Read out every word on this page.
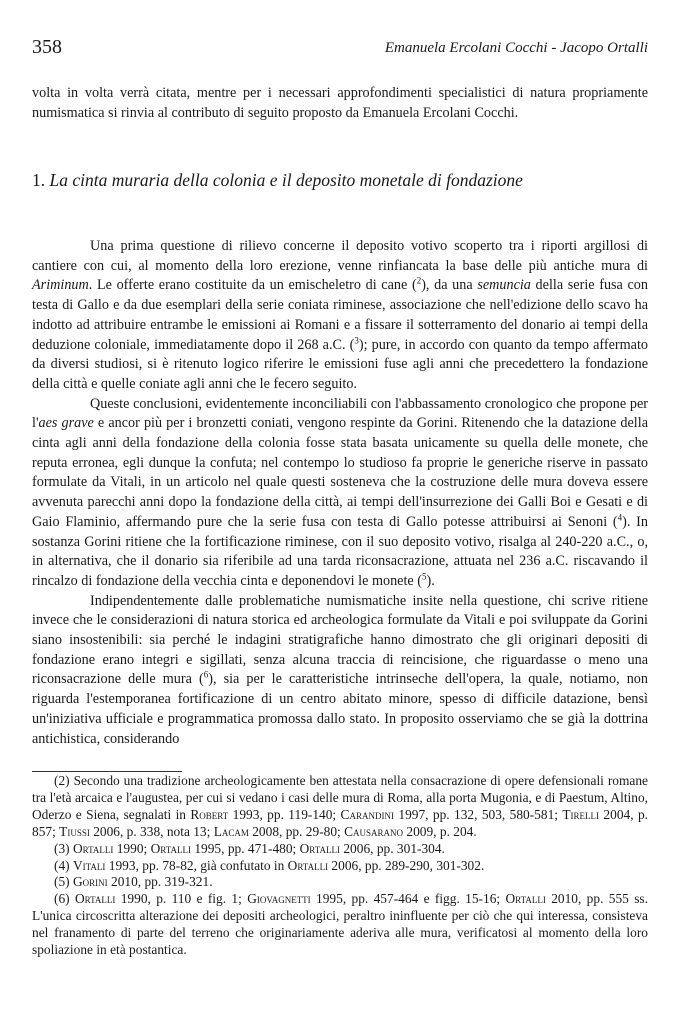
358	Emanuela Ercolani Cocchi - Jacopo Ortalli

volta in volta verrà citata, mentre per i necessari approfondimenti specialistici di natura propriamente numismatica si rinvia al contributo di seguito proposto da Emanuela Ercolani Cocchi.

1. La cinta muraria della colonia e il deposito monetale di fondazione

Una prima questione di rilievo concerne il deposito votivo scoperto tra i riporti argillosi di cantiere con cui, al momento della loro erezione, venne rinfiancata la base delle più antiche mura di Ariminum. Le offerte erano costituite da un emischeletro di cane ($^2$), da una semuncia della serie fusa con testa di Gallo e da due esemplari della serie coniata riminese, associazione che nell'edizione dello scavo ha indotto ad attribuire entrambe le emissioni ai Romani e a fissare il sotterramento del donario ai tempi della deduzione coloniale, immediatamente dopo il 268 a.C. ($^3$); pure, in accordo con quanto da tempo affermato da diversi studiosi, si è ritenuto logico riferire le emissioni fuse agli anni che precedettero la fondazione della città e quelle coniate agli anni che le fecero seguito.

Queste conclusioni, evidentemente inconciliabili con l'abbassamento cronologico che propone per l'aes grave e ancor più per i bronzetti coniati, vengono respinte da Gorini. Ritenendo che la datazione della cinta agli anni della fondazione della colonia fosse stata basata unicamente su quella delle monete, che reputa erronea, egli dunque la confuta; nel contempo lo studioso fa proprie le generiche riserve in passato formulate da Vitali, in un articolo nel quale questi sosteneva che la costruzione delle mura doveva essere avvenuta parecchi anni dopo la fondazione della città, ai tempi dell'insurrezione dei Galli Boi e Gesati e di Gaio Flaminio, affermando pure che la serie fusa con testa di Gallo potesse attribuirsi ai Senoni ($^4$). In sostanza Gorini ritiene che la fortificazione riminese, con il suo deposito votivo, risalga al 240-220 a.C., o, in alternativa, che il donario sia riferibile ad una tarda riconsacrazione, attuata nel 236 a.C. riscavando il rincalzo di fondazione della vecchia cinta e deponendovi le monete ($^5$).

Indipendentemente dalle problematiche numismatiche insite nella questione, chi scrive ritiene invece che le considerazioni di natura storica ed archeologica formulate da Vitali e poi sviluppate da Gorini siano insostenibili: sia perché le indagini stratigrafiche hanno dimostrato che gli originari depositi di fondazione erano integri e sigillati, senza alcuna traccia di reincisione, che riguardasse o meno una riconsacrazione delle mura ($^6$), sia per le caratteristiche intrinseche dell'opera, la quale, notiamo, non riguarda l'estemporanea fortificazione di un centro abitato minore, spesso di difficile datazione, bensì un'iniziativa ufficiale e programmatica promossa dallo stato. In proposito osserviamo che se già la dottrina antichistica, considerando

(2) Secondo una tradizione archeologicamente ben attestata nella consacrazione di opere defensionali romane tra l'età arcaica e l'augustea, per cui si vedano i casi delle mura di Roma, alla porta Mugonia, e di Paestum, Altino, Oderzo e Siena, segnalati in Robert 1993, pp. 119-140; Carandini 1997, pp. 132, 503, 580-581; Tirelli 2004, p. 857; Tiussi 2006, p. 338, nota 13; Lacam 2008, pp. 29-80; Causarano 2009, p. 204.

(3) Ortalli 1990; Ortalli 1995, pp. 471-480; Ortalli 2006, pp. 301-304.

(4) Vitali 1993, pp. 78-82, già confutato in Ortalli 2006, pp. 289-290, 301-302.

(5) Gorini 2010, pp. 319-321.

(6) Ortalli 1990, p. 110 e fig. 1; Giovagnetti 1995, pp. 457-464 e figg. 15-16; Ortalli 2010, pp. 555 ss. L'unica circoscritta alterazione dei depositi archeologici, peraltro ininfluente per ciò che qui interessa, consisteva nel franamento di parte del terreno che originariamente aderiva alle mura, verificatosi al momento della loro spoliazione in età postantica.
